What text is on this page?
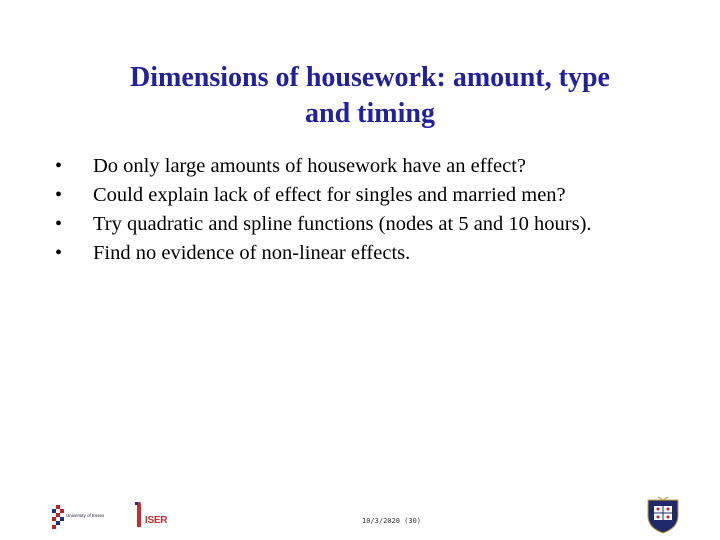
Dimensions of housework: amount, type
and timing
• Do only large amounts of housework have an effect?
• Could explain lack of effect for singles and married men?
• Try quadratic and spline functions (nodes at 5 and 10 hours).
• Find no evidence of non-linear effects.
University of Essex	ISER	10/3/2020 (30)
